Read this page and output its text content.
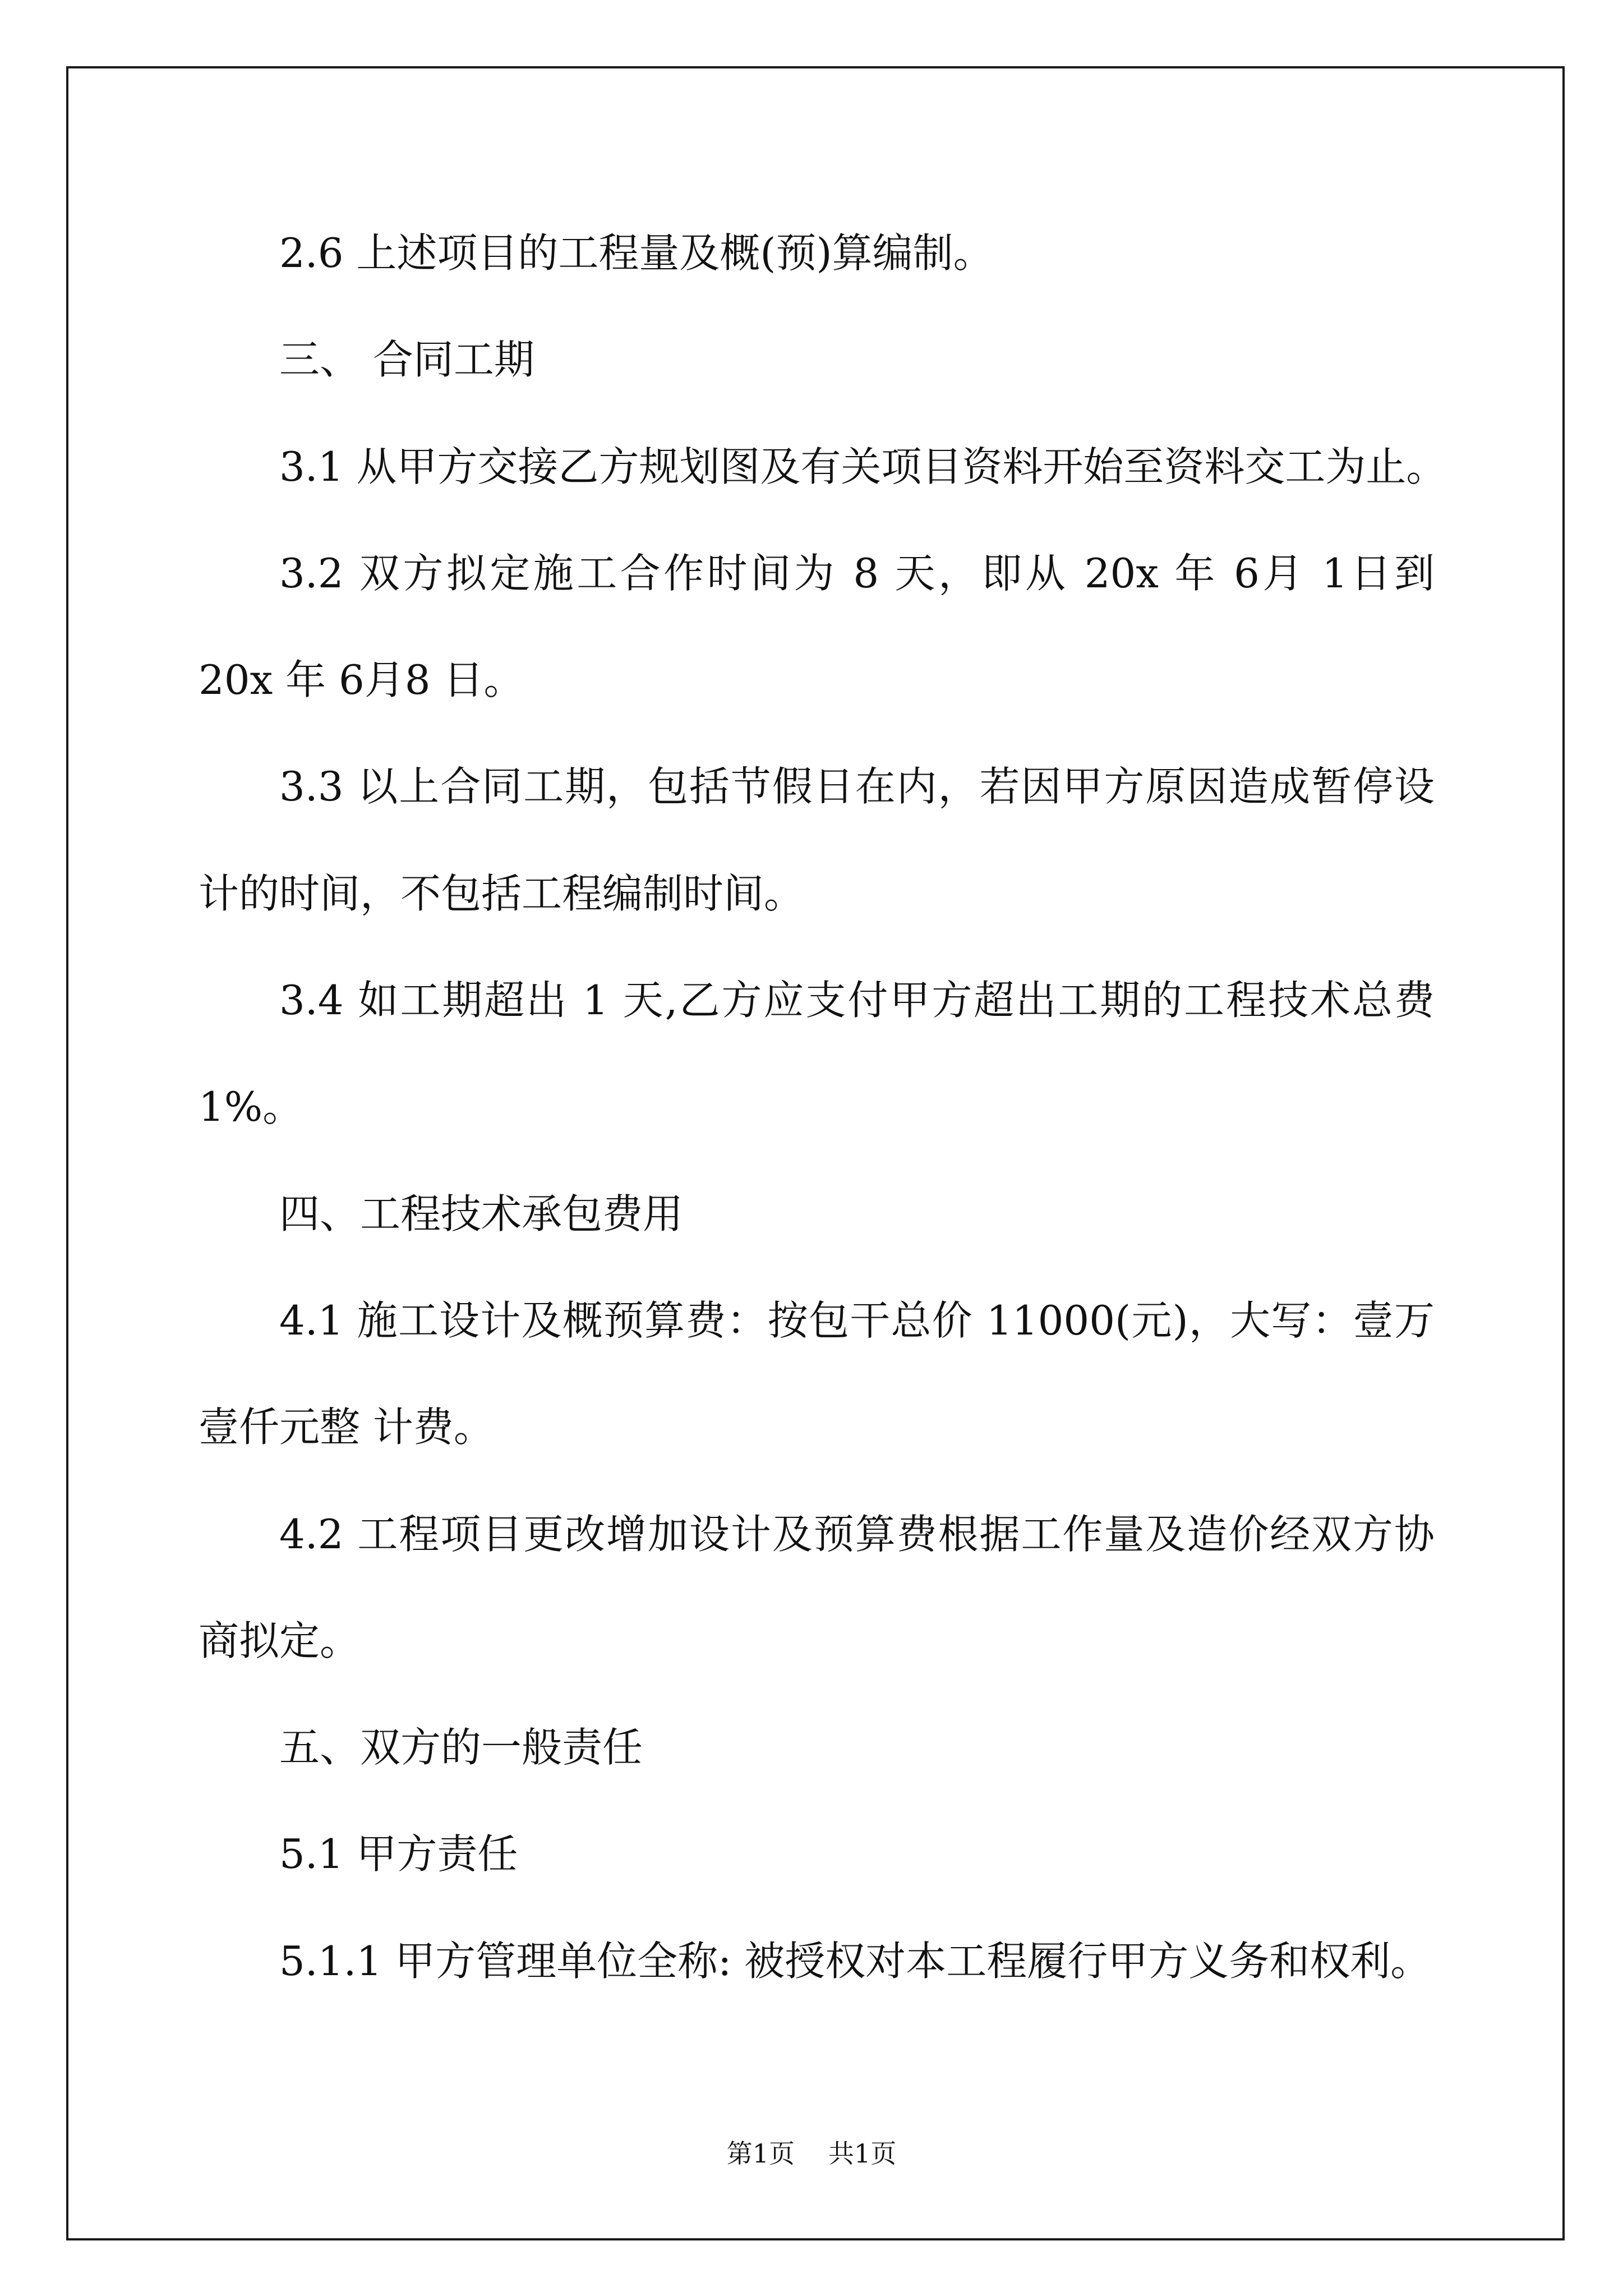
2.6 上述项目的工程量及概(预)算编制。
三、 合同工期
3.1 从甲方交接乙方规划图及有关项目资料开始至资料交工为止。
3.2 双方拟定施工合作时间为 8 天，即从 20x 年 6月 1日到
20x 年 6月8 日。
3.3 以上合同工期，包括节假日在内，若因甲方原因造成暂停设
计的时间，不包括工程编制时间。
3.4 如工期超出 1 天,乙方应支付甲方超出工期的工程技术总费
1%。
四、工程技术承包费用
4.1 施工设计及概预算费：按包干总价 11000(元)，大写：壹万
壹仟元整 计费。
4.2 工程项目更改增加设计及预算费根据工作量及造价经双方协
商拟定。
五、双方的一般责任
5.1 甲方责任
5.1.1 甲方管理单位全称: 被授权对本工程履行甲方义务和权利。
第1页 共1页
